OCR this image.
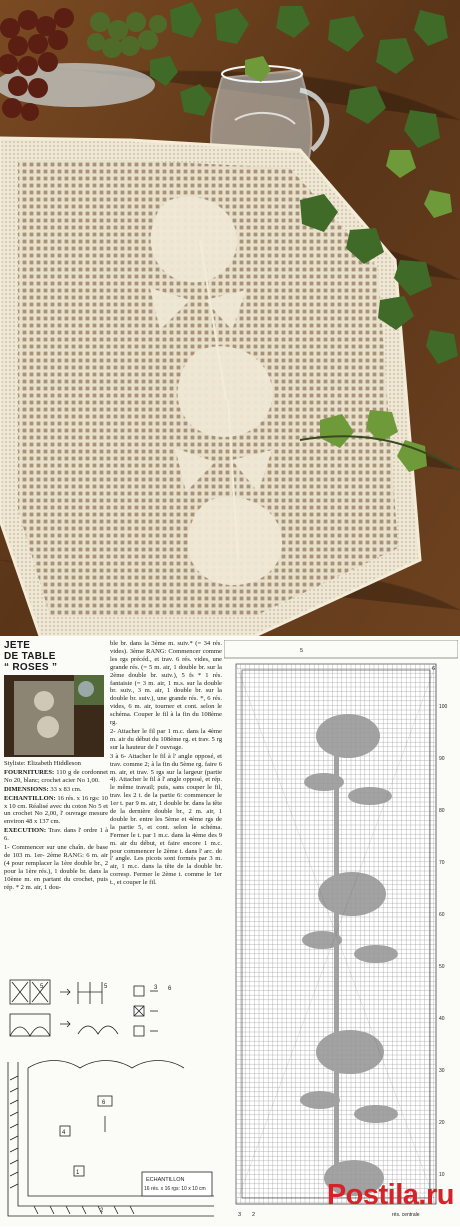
JETE
DE TABLE
“ ROSES ”

Styliste: Elizabeth Hiddleson

FOURNITURES: 110 g de cordonnet No 20, blanc; crochet acier No 1,00.

DIMENSIONS: 33 x 83 cm.

ECHANTILLON: 16 rés. x 16 rgs: 10 x 10 cm. Réalisé avec du coton No 5 et un crochet No 2,00, l' ouvrage mesure environ 48 x 137 cm.

EXECUTION: Trav. dans l' ordre 1 à 6.

1- Commencer sur une chaîn. de base de 103 m. 1er- 2ème RANG: 6 m. air (4 pour remplacer la 1ère double br., 2 pour la 1ère rés.), 1 double br. dans la 10ème m. en partant du crochet, puis rép. * 2 m. air, 1 dou-

ble br. dans la 3ème m. suiv.* (= 34 rés. vides). 3ème RANG: Commencer comme les rgs précéd., et trav. 6 rés. vides, une grande rés. (= 5 m. air, 1 double br. sur la 2ème double br. suiv.), 5 fs * 1 rés. fantaisie (= 3 m. air, 1 m.s. sur la double br. suiv., 3 m. air, 1 double br. sur la double br. suiv.), une grande rés. *, 6 rés. vides, 6 m. air, tourner et cont. selon le schéma. Couper le fil à la fin du 108ème rg.

2- Attacher le fil par 1 m.c. dans la 4ème m. air du début du 108ème rg. et trav. 5 rg sur la hauteur de l' ouvrage.

3 à 6- Attacher le fil à l' angle opposé, et trav. comme 2; à la fin du 5ème rg. faire 6 m. air, et trav. 5 rgs sur la largeur (partie 4). Attacher le fil à l' angle opposé, et rép. le même travail; puis, sans couper le fil, trav. les 2 t. de la partie 6: commencer le 1er t. par 9 m. air, 1 double br. dans la tête de la dernière double br., 2 m. air, 1 double br. entre les 5ème et 4ème rgs de la partie 5, et cont. selon le schéma. Fermer le t. par 1 m.c. dans la 4ème des 9 m. air du début, et faire encore 1 m.c. pour commencer le 2ème t. dans l' arc. de l' angle. Les picots sont formés par 3 m. air, 1 m.c. dans la tête de la double br. corresp. Fermer le 2ème t. comme le 1er t., et couper le fil.

5	5	3 6
6
4
1
2
ECHANTILLON
16 rés. x 16 rgs: 10 x 10 cm
100
90
80
70
60
50
40
30
20
10
rés. centrale
5
6
3 2
Postila.ru
